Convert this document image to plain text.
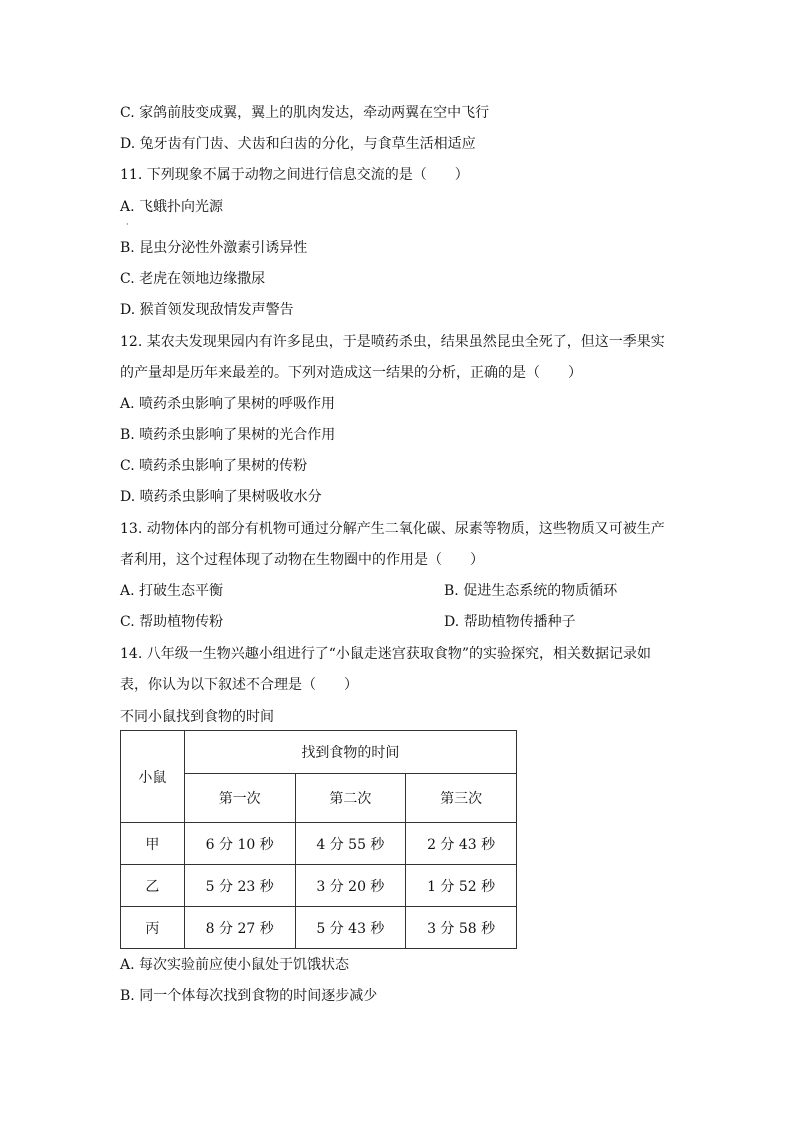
C. 家鸽前肢变成翼，翼上的肌肉发达，牵动两翼在空中飞行
D. 兔牙齿有门齿、犬齿和臼齿的分化，与食草生活相适应
11. 下列现象不属于动物之间进行信息交流的是（　　）
A. 飞蛾扑向光源
·
B. 昆虫分泌性外激素引诱异性
C. 老虎在领地边缘撒尿
D. 猴首领发现敌情发声警告
12. 某农夫发现果园内有许多昆虫，于是喷药杀虫，结果虽然昆虫全死了，但这一季果实
的产量却是历年来最差的。下列对造成这一结果的分析，正确的是（　　）
A. 喷药杀虫影响了果树的呼吸作用
B. 喷药杀虫影响了果树的光合作用
C. 喷药杀虫影响了果树的传粉
D. 喷药杀虫影响了果树吸收水分
13. 动物体内的部分有机物可通过分解产生二氧化碳、尿素等物质，这些物质又可被生产
者利用，这个过程体现了动物在生物圈中的作用是（　　）
A. 打破生态平衡	B. 促进生态系统的物质循环
C. 帮助植物传粉	D. 帮助植物传播种子
14. 八年级一生物兴趣小组进行了“小鼠走迷宫获取食物”的实验探究，相关数据记录如
表，你认为以下叙述不合理是（　　）
不同小鼠找到食物的时间
小鼠	找到食物的时间		
	第一次	第二次	第三次
甲	6 分 10 秒	4 分 55 秒	2 分 43 秒
乙	5 分 23 秒	3 分 20 秒	1 分 52 秒
丙	8 分 27 秒	5 分 43 秒	3 分 58 秒
A. 每次实验前应使小鼠处于饥饿状态
B. 同一个体每次找到食物的时间逐步减少
